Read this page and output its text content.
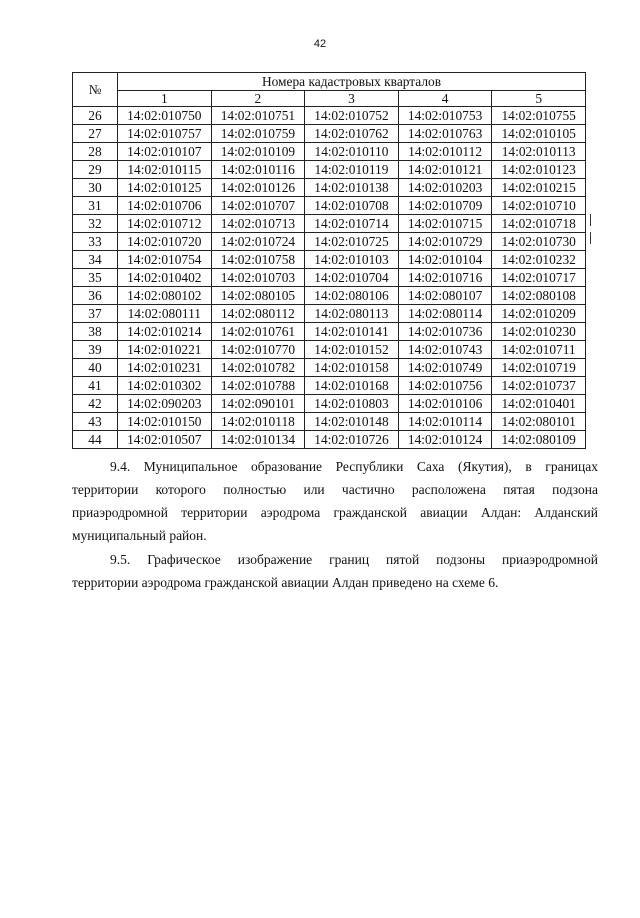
42
№	Номера кадастровых кварталов				
	1	2	3	4	5
26	14:02:010750	14:02:010751	14:02:010752	14:02:010753	14:02:010755
27	14:02:010757	14:02:010759	14:02:010762	14:02:010763	14:02:010105
28	14:02:010107	14:02:010109	14:02:010110	14:02:010112	14:02:010113
29	14:02:010115	14:02:010116	14:02:010119	14:02:010121	14:02:010123
30	14:02:010125	14:02:010126	14:02:010138	14:02:010203	14:02:010215
31	14:02:010706	14:02:010707	14:02:010708	14:02:010709	14:02:010710
32	14:02:010712	14:02:010713	14:02:010714	14:02:010715	14:02:010718
33	14:02:010720	14:02:010724	14:02:010725	14:02:010729	14:02:010730
34	14:02:010754	14:02:010758	14:02:010103	14:02:010104	14:02:010232
35	14:02:010402	14:02:010703	14:02:010704	14:02:010716	14:02:010717
36	14:02:080102	14:02:080105	14:02:080106	14:02:080107	14:02:080108
37	14:02:080111	14:02:080112	14:02:080113	14:02:080114	14:02:010209
38	14:02:010214	14:02:010761	14:02:010141	14:02:010736	14:02:010230
39	14:02:010221	14:02:010770	14:02:010152	14:02:010743	14:02:010711
40	14:02:010231	14:02:010782	14:02:010158	14:02:010749	14:02:010719
41	14:02:010302	14:02:010788	14:02:010168	14:02:010756	14:02:010737
42	14:02:090203	14:02:090101	14:02:010803	14:02:010106	14:02:010401
43	14:02:010150	14:02:010118	14:02:010148	14:02:010114	14:02:080101
44	14:02:010507	14:02:010134	14:02:010726	14:02:010124	14:02:080109
9.4. Муниципальное образование Республики Саха (Якутия), в границах
территории которого полностью или частично расположена пятая подзона
приаэродромной территории аэродрома гражданской авиации Алдан: Алданский
муниципальный район.
9.5. Графическое изображение границ пятой подзоны приаэродромной
территории аэродрома гражданской авиации Алдан приведено на схеме 6.
